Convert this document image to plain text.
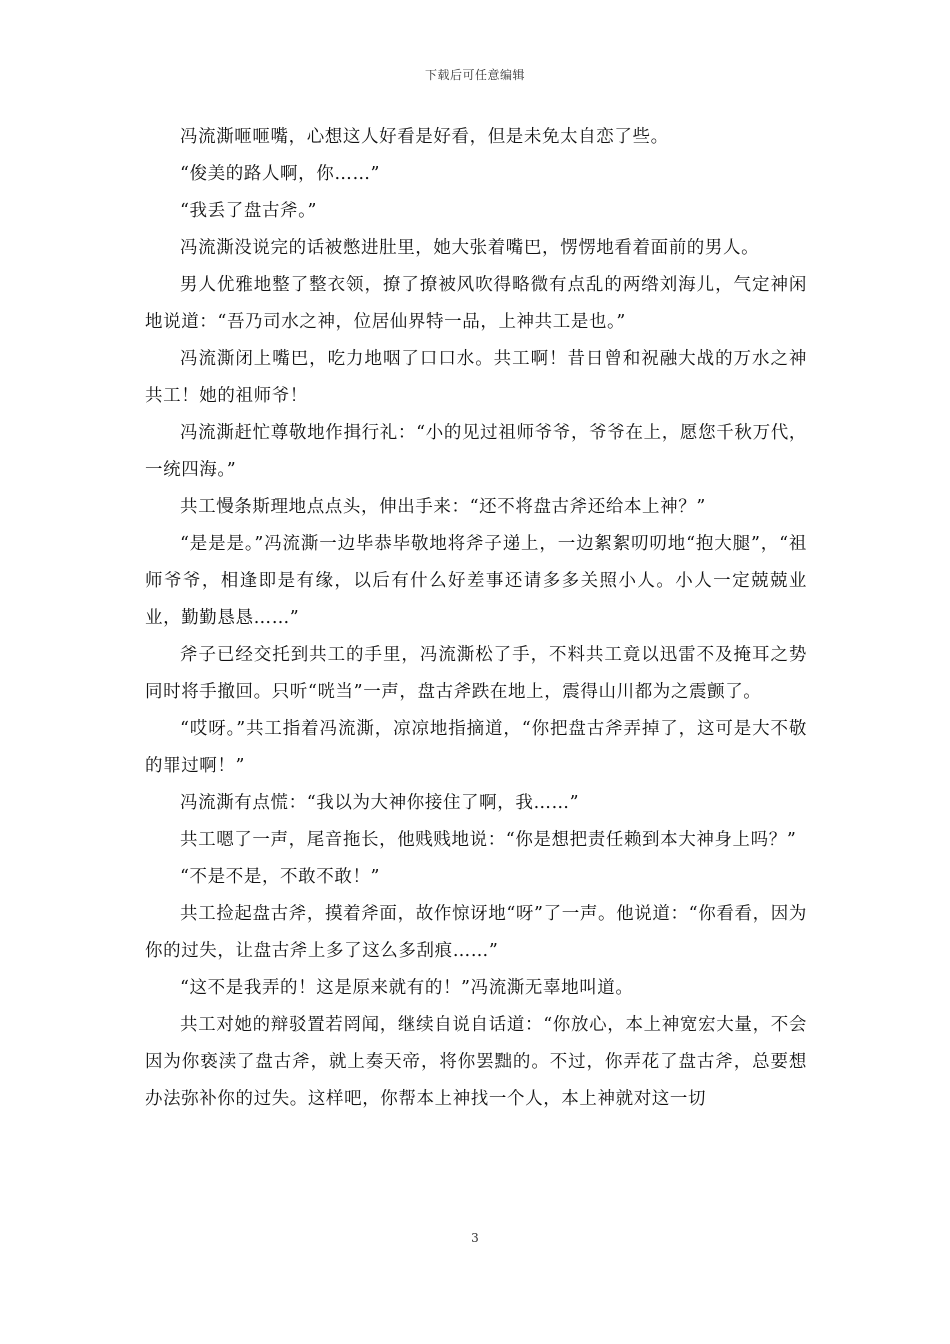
下载后可任意编辑

冯流澌咂咂嘴，心想这人好看是好看，但是未免太自恋了些。

“俊美的路人啊，你……”

“我丢了盘古斧。”

冯流澌没说完的话被憋进肚里，她大张着嘴巴，愣愣地看着面前的男人。

男人优雅地整了整衣领，撩了撩被风吹得略微有点乱的两绺刘海儿，气定神闲地说道：“吾乃司水之神，位居仙界特一品，上神共工是也。”

冯流澌闭上嘴巴，吃力地咽了口口水。共工啊！昔日曾和祝融大战的万水之神共工！她的祖师爷！

冯流澌赶忙尊敬地作揖行礼：“小的见过祖师爷爷，爷爷在上，愿您千秋万代，一统四海。”

共工慢条斯理地点点头，伸出手来：“还不将盘古斧还给本上神？”

“是是是。”冯流澌一边毕恭毕敬地将斧子递上，一边絮絮叨叨地“抱大腿”，“祖师爷爷，相逢即是有缘，以后有什么好差事还请多多关照小人。小人一定兢兢业业，勤勤恳恳……”

斧子已经交托到共工的手里，冯流澌松了手，不料共工竟以迅雷不及掩耳之势同时将手撤回。只听“咣当”一声，盘古斧跌在地上，震得山川都为之震颤了。

“哎呀。”共工指着冯流澌，凉凉地指摘道，“你把盘古斧弄掉了，这可是大不敬的罪过啊！”

冯流澌有点慌：“我以为大神你接住了啊，我……”

共工嗯了一声，尾音拖长，他贱贱地说：“你是想把责任赖到本大神身上吗？”

“不是不是，不敢不敢！”

共工捡起盘古斧，摸着斧面，故作惊讶地“呀”了一声。他说道：“你看看，因为你的过失，让盘古斧上多了这么多刮痕……”

“这不是我弄的！这是原来就有的！”冯流澌无辜地叫道。

共工对她的辩驳置若罔闻，继续自说自话道：“你放心，本上神宽宏大量，不会因为你亵渎了盘古斧，就上奏天帝，将你罢黜的。不过，你弄花了盘古斧，总要想办法弥补你的过失。这样吧，你帮本上神找一个人，本上神就对这一切

3
